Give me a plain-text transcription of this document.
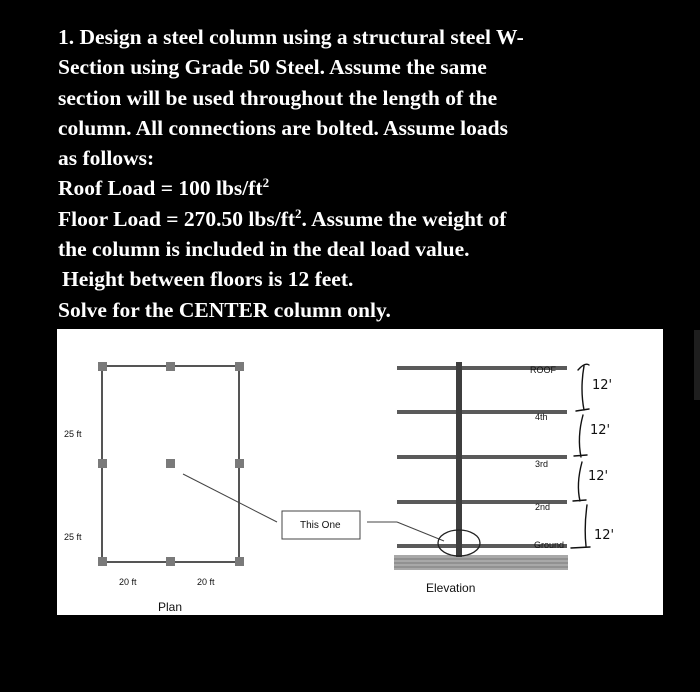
1. Design a steel column using a structural steel W-
Section using Grade 50 Steel. Assume the same
section will be used throughout the length of the
column. All connections are bolted. Assume loads
as follows:
Roof Load = 100 lbs/$ft^2$
Floor Load = 270.50 lbs/$ft^2$. Assume the weight of
the column is included in the deal load value.
Height between floors is 12 feet.
Solve for the CENTER column only.
25 ft
25 ft
20 ft	20 ft
Plan
This One
Elevation
ROOF
4th
3rd
2nd
Ground
12'
12'
12'
12'
